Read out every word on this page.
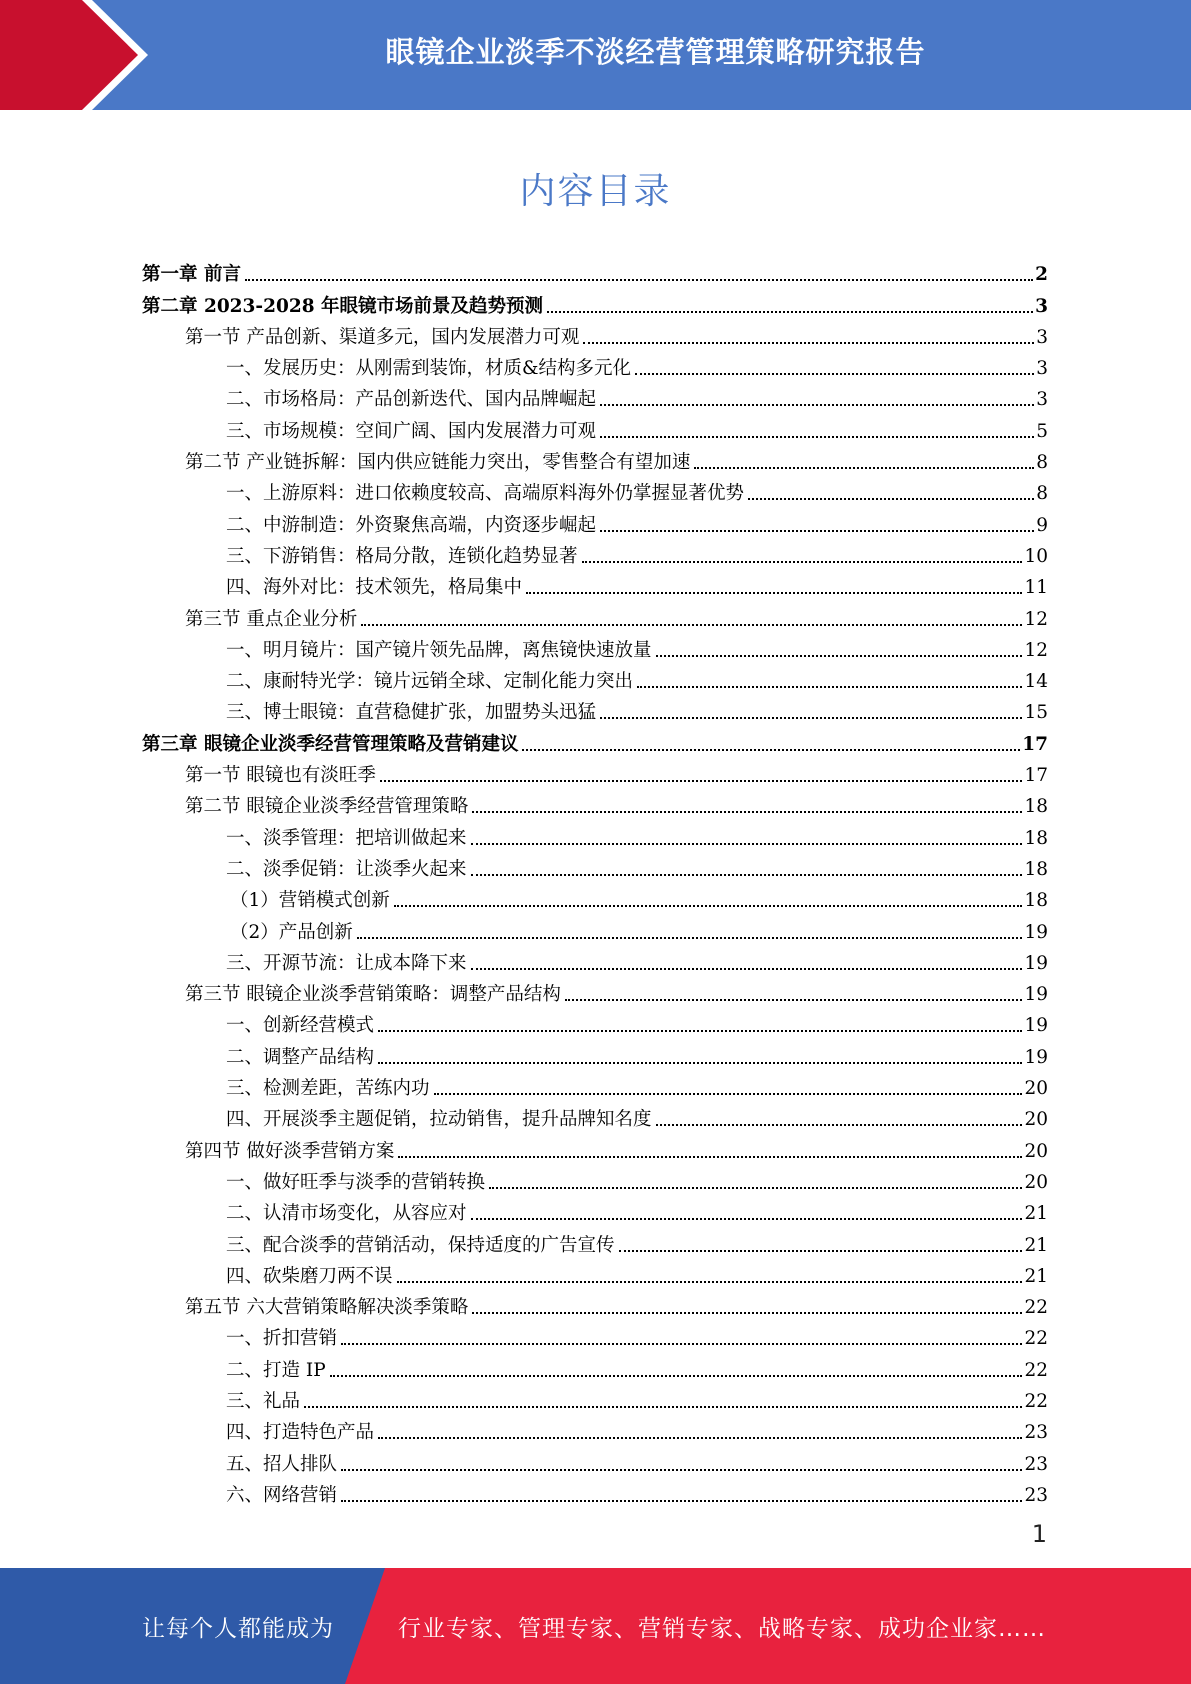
眼镜企业淡季不淡经营管理策略研究报告
内容目录
第一章 前言	2
第二章 2023-2028 年眼镜市场前景及趋势预测	3
第一节 产品创新、渠道多元，国内发展潜力可观	3
一、发展历史：从刚需到装饰，材质&结构多元化	3
二、市场格局：产品创新迭代、国内品牌崛起	3
三、市场规模：空间广阔、国内发展潜力可观	5
第二节 产业链拆解：国内供应链能力突出，零售整合有望加速	8
一、上游原料：进口依赖度较高、高端原料海外仍掌握显著优势	8
二、中游制造：外资聚焦高端，内资逐步崛起	9
三、下游销售：格局分散，连锁化趋势显著	10
四、海外对比：技术领先，格局集中	11
第三节 重点企业分析	12
一、明月镜片：国产镜片领先品牌，离焦镜快速放量	12
二、康耐特光学：镜片远销全球、定制化能力突出	14
三、博士眼镜：直营稳健扩张，加盟势头迅猛	15
第三章 眼镜企业淡季经营管理策略及营销建议	17
第一节 眼镜也有淡旺季	17
第二节 眼镜企业淡季经营管理策略	18
一、淡季管理：把培训做起来	18
二、淡季促销：让淡季火起来	18
（1）营销模式创新	18
（2）产品创新	19
三、开源节流：让成本降下来	19
第三节 眼镜企业淡季营销策略：调整产品结构	19
一、创新经营模式	19
二、调整产品结构	19
三、检测差距，苦练内功	20
四、开展淡季主题促销，拉动销售，提升品牌知名度	20
第四节 做好淡季营销方案	20
一、做好旺季与淡季的营销转换	20
二、认清市场变化，从容应对	21
三、配合淡季的营销活动，保持适度的广告宣传	21
四、砍柴磨刀两不误	21
第五节 六大营销策略解决淡季策略	22
一、折扣营销	22
二、打造 IP	22
三、礼品	22
四、打造特色产品	23
五、招人排队	23
六、网络营销	23
1
让每个人都能成为	行业专家、管理专家、营销专家、战略专家、成功企业家……
